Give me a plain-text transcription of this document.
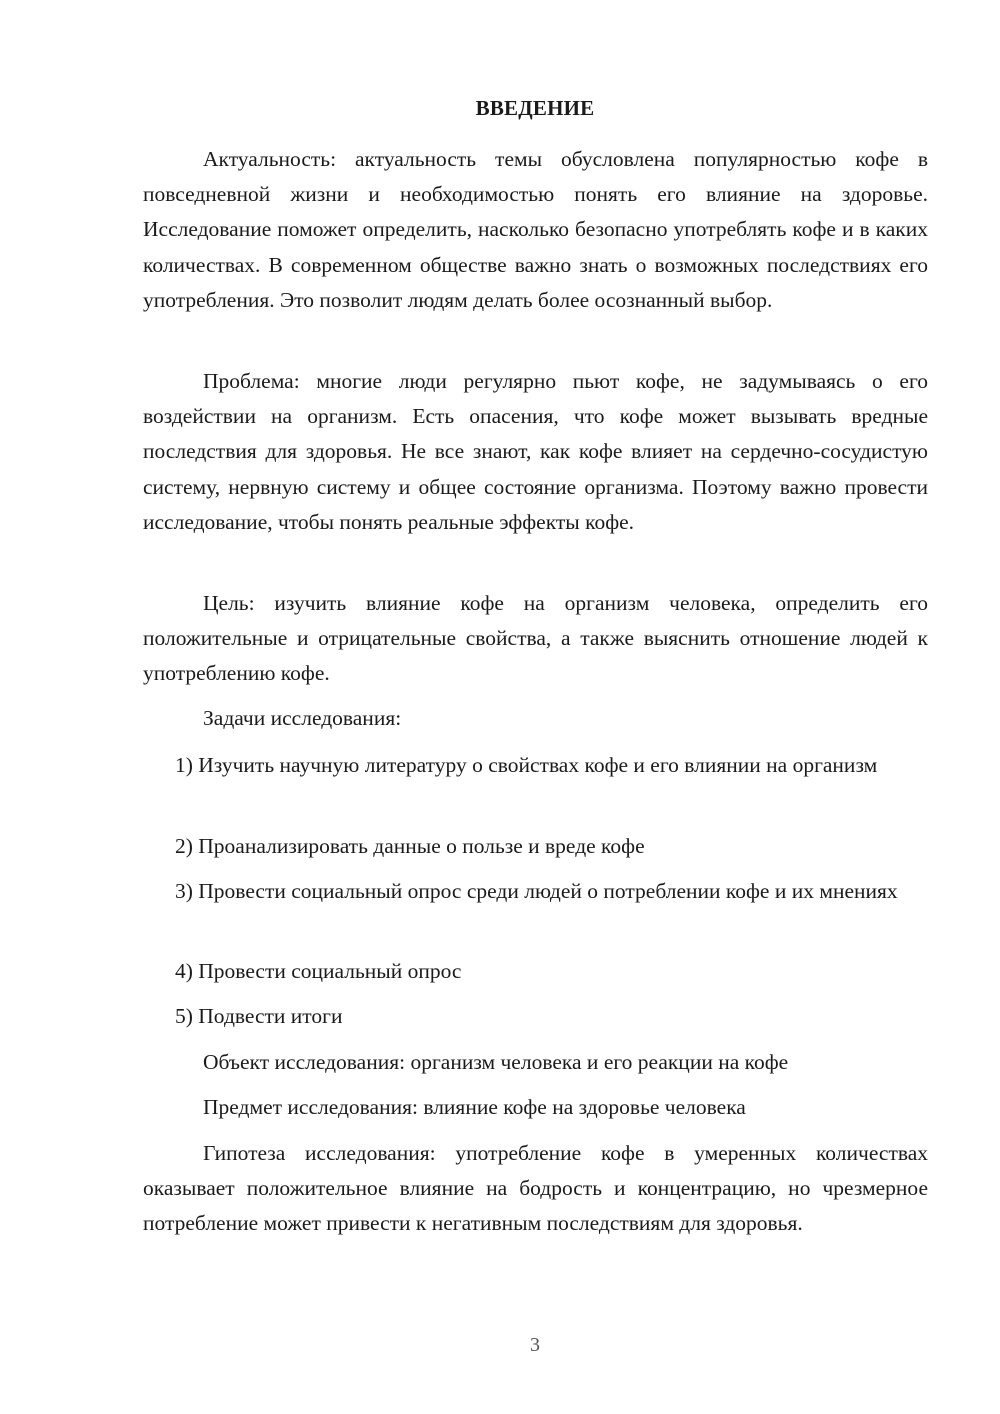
ВВЕДЕНИЕ

Актуальность: актуальность темы обусловлена популярностью кофе в повседневной жизни и необходимостью понять его влияние на здоровье. Исследование поможет определить, насколько безопасно употреблять кофе и в каких количествах. В современном обществе важно знать о возможных последствиях его употребления. Это позволит людям делать более осознанный выбор.

Проблема: многие люди регулярно пьют кофе, не задумываясь о его воздействии на организм. Есть опасения, что кофе может вызывать вредные последствия для здоровья. Не все знают, как кофе влияет на сердечно-сосудистую систему, нервную систему и общее состояние организма. Поэтому важно провести исследование, чтобы понять реальные эффекты кофе.

Цель: изучить влияние кофе на организм человека, определить его положительные и отрицательные свойства, а также выяснить отношение людей к употреблению кофе.

Задачи исследования:

1) Изучить научную литературу о свойствах кофе и его влиянии на организм

2) Проанализировать данные о пользе и вреде кофе

3) Провести социальный опрос среди людей о потреблении кофе и их мнениях

4) Провести социальный опрос

5) Подвести итоги

Объект исследования: организм человека и его реакции на кофе

Предмет исследования: влияние кофе на здоровье человека

Гипотеза исследования: употребление кофе в умеренных количествах оказывает положительное влияние на бодрость и концентрацию, но чрезмерное потребление может привести к негативным последствиям для здоровья.

3
